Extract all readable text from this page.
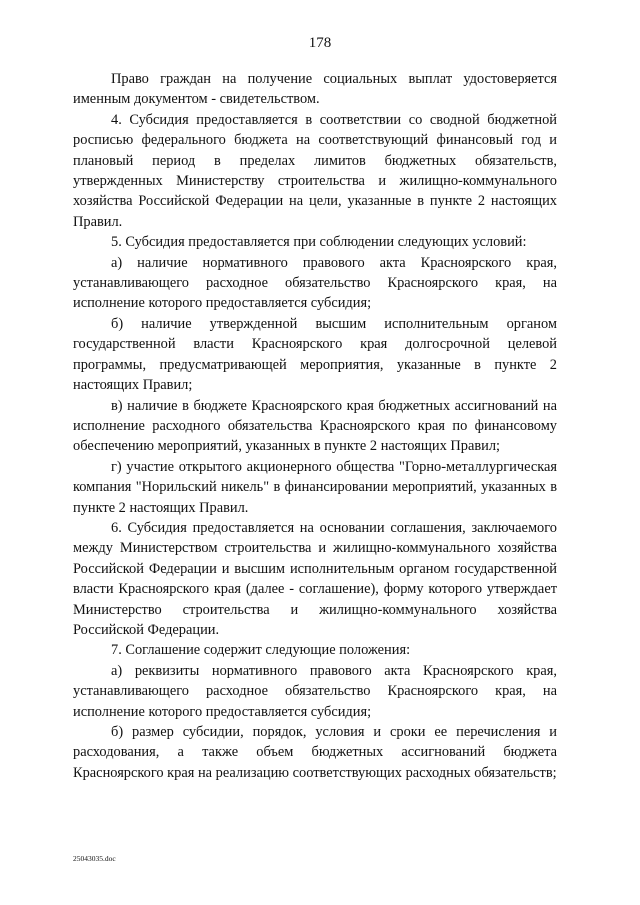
178

Право граждан на получение социальных выплат удостоверяется именным документом - свидетельством.

4. Субсидия предоставляется в соответствии со сводной бюджетной росписью федерального бюджета на соответствующий финансовый год и плановый период в пределах лимитов бюджетных обязательств, утвержденных Министерству строительства и жилищно-коммунального хозяйства Российской Федерации на цели, указанные в пункте 2 настоящих Правил.

5. Субсидия предоставляется при соблюдении следующих условий:

а) наличие нормативного правового акта Красноярского края, устанавливающего расходное обязательство Красноярского края, на исполнение которого предоставляется субсидия;

б) наличие утвержденной высшим исполнительным органом государственной власти Красноярского края долгосрочной целевой программы, предусматривающей мероприятия, указанные в пункте 2 настоящих Правил;

в) наличие в бюджете Красноярского края бюджетных ассигнований на исполнение расходного обязательства Красноярского края по финансовому обеспечению мероприятий, указанных в пункте 2 настоящих Правил;

г) участие открытого акционерного общества "Горно-металлургическая компания "Норильский никель" в финансировании мероприятий, указанных в пункте 2 настоящих Правил.

6. Субсидия предоставляется на основании соглашения, заключаемого между Министерством строительства и жилищно-коммунального хозяйства Российской Федерации и высшим исполнительным органом государственной власти Красноярского края (далее - соглашение), форму которого утверждает Министерство строительства и жилищно-коммунального хозяйства Российской Федерации.

7. Соглашение содержит следующие положения:

а) реквизиты нормативного правового акта Красноярского края, устанавливающего расходное обязательство Красноярского края, на исполнение которого предоставляется субсидия;

б) размер субсидии, порядок, условия и сроки ее перечисления и расходования, а также объем бюджетных ассигнований бюджета Красноярского края на реализацию соответствующих расходных обязательств;

25043035.doc
